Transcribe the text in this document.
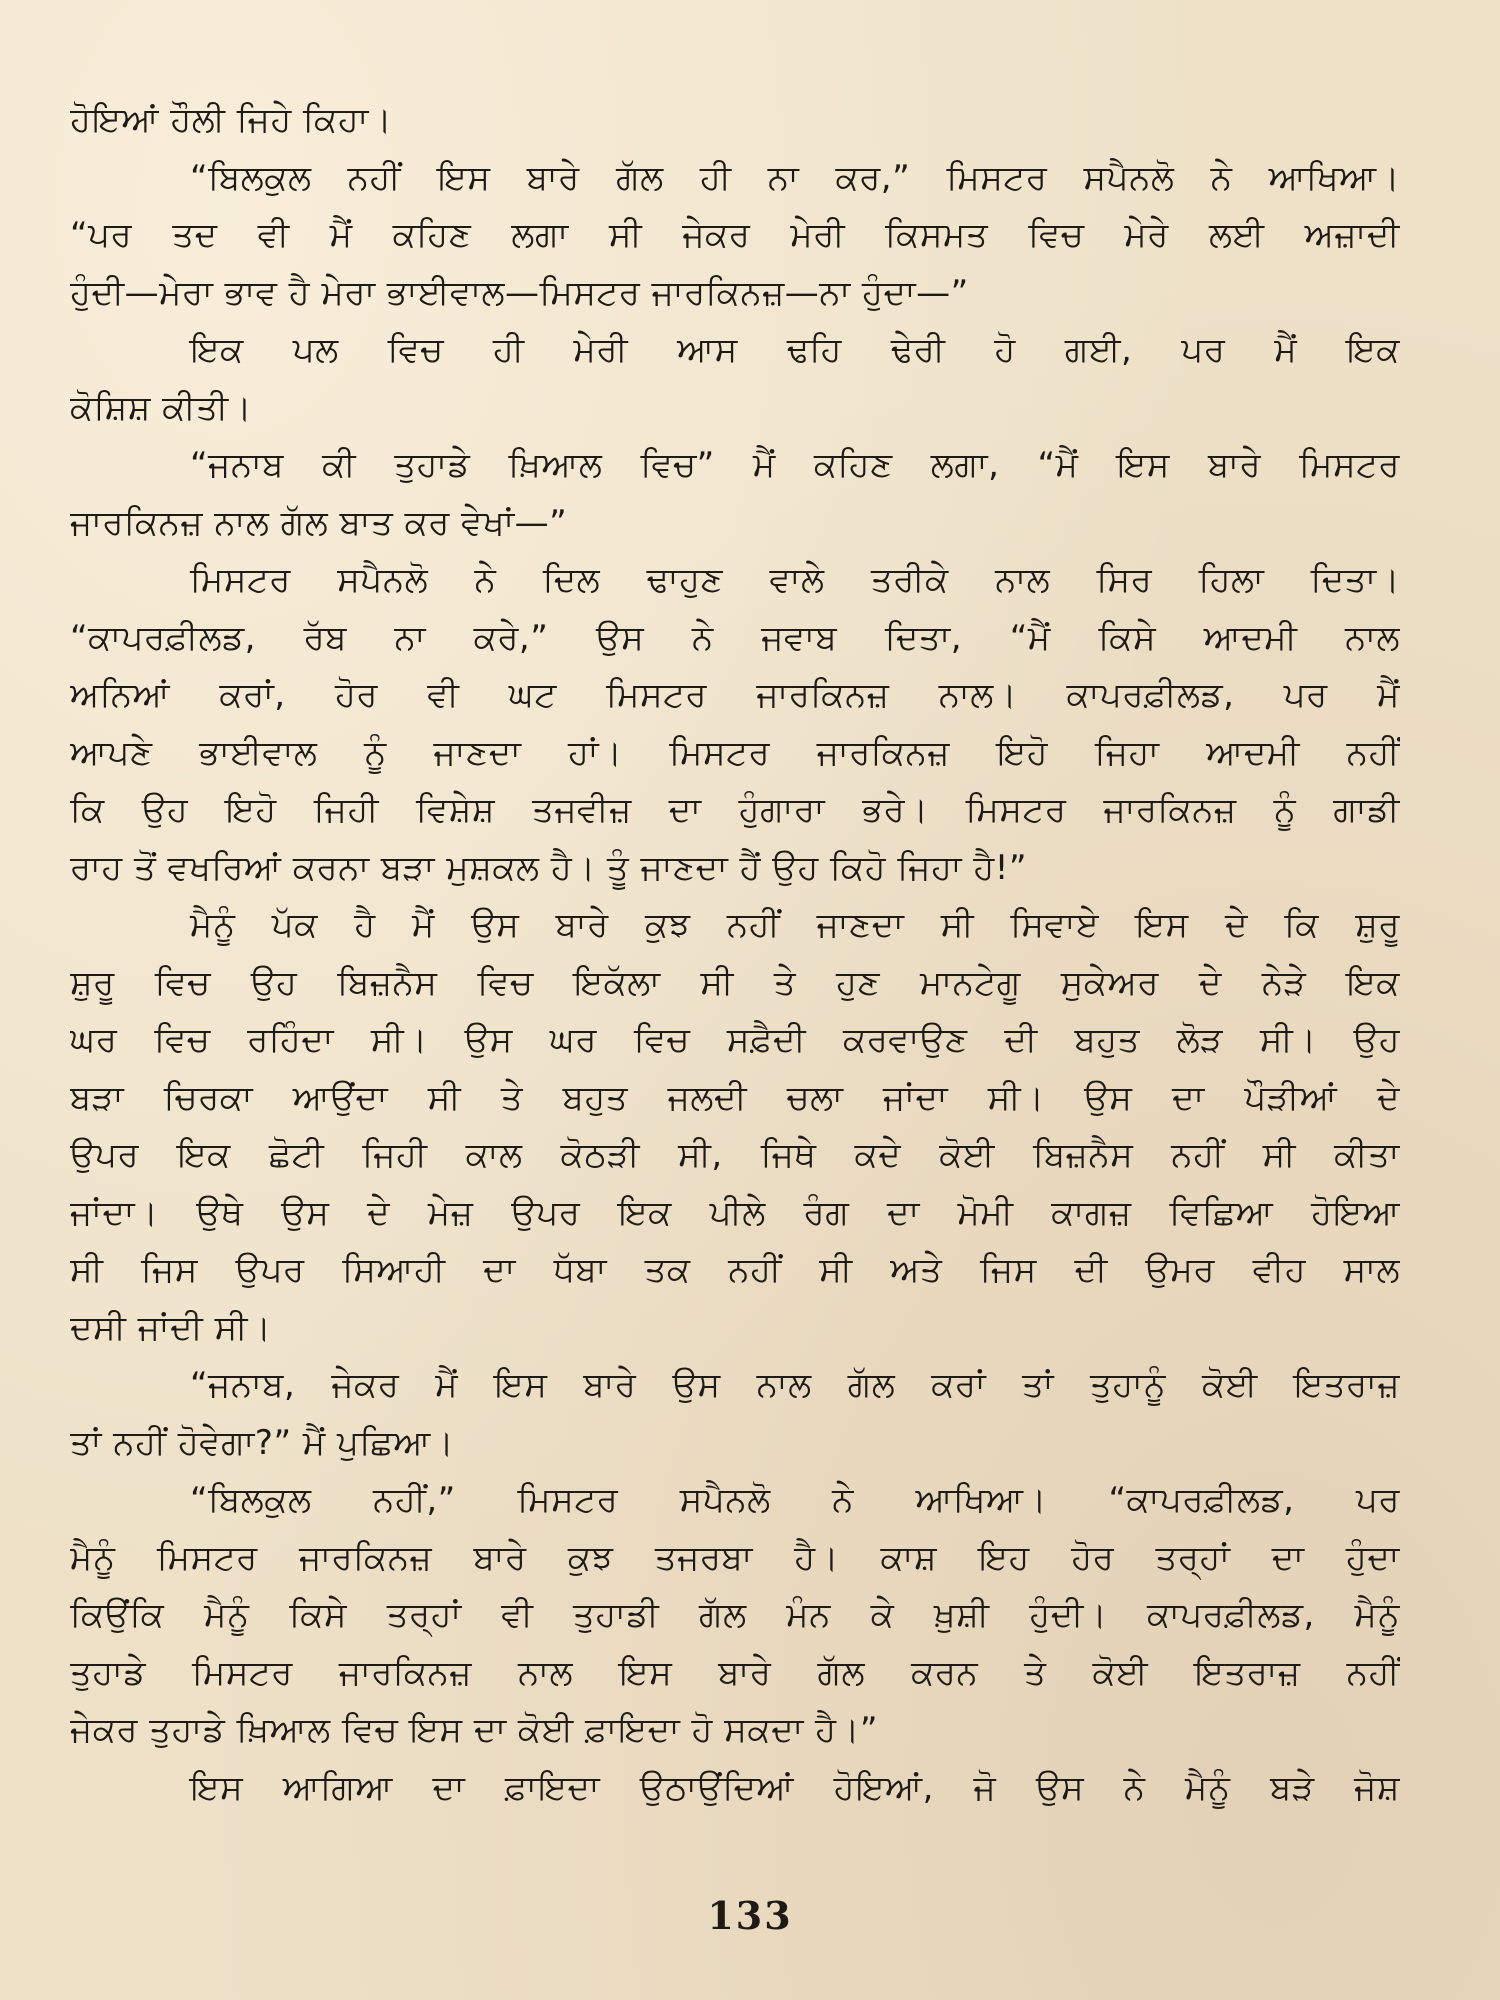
ਹੋਇਆਂ ਹੌਲੀ ਜਿਹੇ ਕਿਹਾ।
“ਬਿਲਕੁਲ ਨਹੀਂ ਇਸ ਬਾਰੇ ਗੱਲ ਹੀ ਨਾ ਕਰ,” ਮਿਸਟਰ ਸਪੈਨਲੋ ਨੇ ਆਖਿਆ।
“ਪਰ ਤਦ ਵੀ ਮੈਂ ਕਹਿਣ ਲਗਾ ਸੀ ਜੇਕਰ ਮੇਰੀ ਕਿਸਮਤ ਵਿਚ ਮੇਰੇ ਲਈ ਅਜ਼ਾਦੀ
ਹੁੰਦੀ—ਮੇਰਾ ਭਾਵ ਹੈ ਮੇਰਾ ਭਾਈਵਾਲ—ਮਿਸਟਰ ਜਾਰਕਿਨਜ਼—ਨਾ ਹੁੰਦਾ—”
ਇਕ ਪਲ ਵਿਚ ਹੀ ਮੇਰੀ ਆਸ ਢਹਿ ਢੇਰੀ ਹੋ ਗਈ, ਪਰ ਮੈਂ ਇਕ
ਕੋਸ਼ਿਸ਼ ਕੀਤੀ।
“ਜਨਾਬ ਕੀ ਤੁਹਾਡੇ ਖ਼ਿਆਲ ਵਿਚ” ਮੈਂ ਕਹਿਣ ਲਗਾ, “ਮੈਂ ਇਸ ਬਾਰੇ ਮਿਸਟਰ
ਜਾਰਕਿਨਜ਼ ਨਾਲ ਗੱਲ ਬਾਤ ਕਰ ਵੇਖਾਂ—”
ਮਿਸਟਰ ਸਪੈਨਲੋ ਨੇ ਦਿਲ ਢਾਹੁਣ ਵਾਲੇ ਤਰੀਕੇ ਨਾਲ ਸਿਰ ਹਿਲਾ ਦਿਤਾ।
“ਕਾਪਰਫ਼ੀਲਡ, ਰੱਬ ਨਾ ਕਰੇ,” ਉਸ ਨੇ ਜਵਾਬ ਦਿਤਾ, “ਮੈਂ ਕਿਸੇ ਆਦਮੀ ਨਾਲ
ਅਨਿਆਂ ਕਰਾਂ, ਹੋਰ ਵੀ ਘਟ ਮਿਸਟਰ ਜਾਰਕਿਨਜ਼ ਨਾਲ। ਕਾਪਰਫ਼ੀਲਡ, ਪਰ ਮੈਂ
ਆਪਣੇ ਭਾਈਵਾਲ ਨੂੰ ਜਾਣਦਾ ਹਾਂ। ਮਿਸਟਰ ਜਾਰਕਿਨਜ਼ ਇਹੋ ਜਿਹਾ ਆਦਮੀ ਨਹੀਂ
ਕਿ ਉਹ ਇਹੋ ਜਿਹੀ ਵਿਸ਼ੇਸ਼ ਤਜਵੀਜ਼ ਦਾ ਹੁੰਗਾਰਾ ਭਰੇ। ਮਿਸਟਰ ਜਾਰਕਿਨਜ਼ ਨੂੰ ਗਾਡੀ
ਰਾਹ ਤੋਂ ਵਖਰਿਆਂ ਕਰਨਾ ਬੜਾ ਮੁਸ਼ਕਲ ਹੈ। ਤੂੰ ਜਾਣਦਾ ਹੈਂ ਉਹ ਕਿਹੋ ਜਿਹਾ ਹੈ!”
ਮੈਨੂੰ ਪੱਕ ਹੈ ਮੈਂ ਉਸ ਬਾਰੇ ਕੁਝ ਨਹੀਂ ਜਾਣਦਾ ਸੀ ਸਿਵਾਏ ਇਸ ਦੇ ਕਿ ਸ਼ੁਰੂ
ਸ਼ੁਰੂ ਵਿਚ ਉਹ ਬਿਜ਼ਨੈਸ ਵਿਚ ਇਕੱਲਾ ਸੀ ਤੇ ਹੁਣ ਮਾਨਟੇਗੂ ਸੁਕੇਅਰ ਦੇ ਨੇੜੇ ਇਕ
ਘਰ ਵਿਚ ਰਹਿੰਦਾ ਸੀ। ਉਸ ਘਰ ਵਿਚ ਸਫ਼ੈਦੀ ਕਰਵਾਉਣ ਦੀ ਬਹੁਤ ਲੋੜ ਸੀ। ਉਹ
ਬੜਾ ਚਿਰਕਾ ਆਉਂਦਾ ਸੀ ਤੇ ਬਹੁਤ ਜਲਦੀ ਚਲਾ ਜਾਂਦਾ ਸੀ। ਉਸ ਦਾ ਪੌੜੀਆਂ ਦੇ
ਉਪਰ ਇਕ ਛੋਟੀ ਜਿਹੀ ਕਾਲ ਕੋਠੜੀ ਸੀ, ਜਿਥੇ ਕਦੇ ਕੋਈ ਬਿਜ਼ਨੈਸ ਨਹੀਂ ਸੀ ਕੀਤਾ
ਜਾਂਦਾ। ਉਥੇ ਉਸ ਦੇ ਮੇਜ਼ ਉਪਰ ਇਕ ਪੀਲੇ ਰੰਗ ਦਾ ਮੋਮੀ ਕਾਗਜ਼ ਵਿਛਿਆ ਹੋਇਆ
ਸੀ ਜਿਸ ਉਪਰ ਸਿਆਹੀ ਦਾ ਧੱਬਾ ਤਕ ਨਹੀਂ ਸੀ ਅਤੇ ਜਿਸ ਦੀ ਉਮਰ ਵੀਹ ਸਾਲ
ਦਸੀ ਜਾਂਦੀ ਸੀ।
“ਜਨਾਬ, ਜੇਕਰ ਮੈਂ ਇਸ ਬਾਰੇ ਉਸ ਨਾਲ ਗੱਲ ਕਰਾਂ ਤਾਂ ਤੁਹਾਨੂੰ ਕੋਈ ਇਤਰਾਜ਼
ਤਾਂ ਨਹੀਂ ਹੋਵੇਗਾ?” ਮੈਂ ਪੁਛਿਆ।
“ਬਿਲਕੁਲ ਨਹੀਂ,” ਮਿਸਟਰ ਸਪੈਨਲੋ ਨੇ ਆਖਿਆ। “ਕਾਪਰਫ਼ੀਲਡ, ਪਰ
ਮੈਨੂੰ ਮਿਸਟਰ ਜਾਰਕਿਨਜ਼ ਬਾਰੇ ਕੁਝ ਤਜਰਬਾ ਹੈ। ਕਾਸ਼ ਇਹ ਹੋਰ ਤਰ੍ਹਾਂ ਦਾ ਹੁੰਦਾ
ਕਿਉਂਕਿ ਮੈਨੂੰ ਕਿਸੇ ਤਰ੍ਹਾਂ ਵੀ ਤੁਹਾਡੀ ਗੱਲ ਮੰਨ ਕੇ ਖ਼ੁਸ਼ੀ ਹੁੰਦੀ। ਕਾਪਰਫ਼ੀਲਡ, ਮੈਨੂੰ
ਤੁਹਾਡੇ ਮਿਸਟਰ ਜਾਰਕਿਨਜ਼ ਨਾਲ ਇਸ ਬਾਰੇ ਗੱਲ ਕਰਨ ਤੇ ਕੋਈ ਇਤਰਾਜ਼ ਨਹੀਂ
ਜੇਕਰ ਤੁਹਾਡੇ ਖ਼ਿਆਲ ਵਿਚ ਇਸ ਦਾ ਕੋਈ ਫ਼ਾਇਦਾ ਹੋ ਸਕਦਾ ਹੈ।”
ਇਸ ਆਗਿਆ ਦਾ ਫ਼ਾਇਦਾ ਉਠਾਉਂਦਿਆਂ ਹੋਇਆਂ, ਜੋ ਉਸ ਨੇ ਮੈਨੂੰ ਬੜੇ ਜੋਸ਼
133
